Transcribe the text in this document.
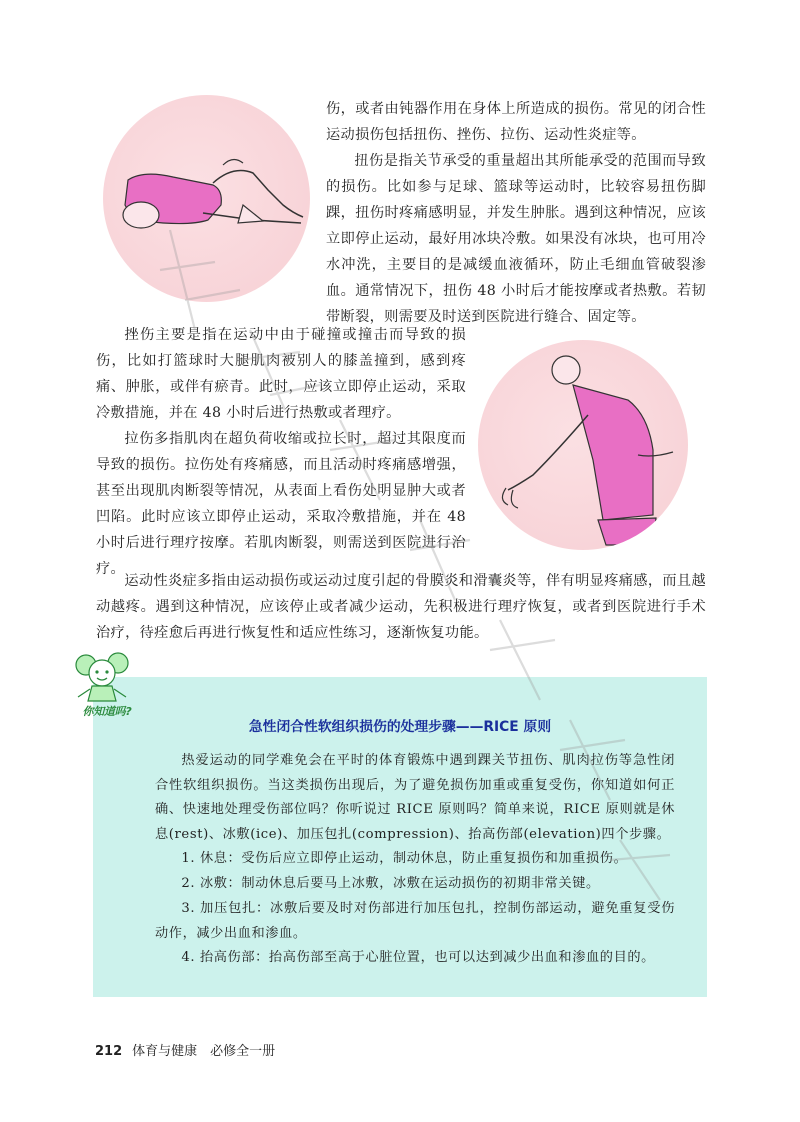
伤，或者由钝器作用在身体上所造成的损伤。常见的闭合性运动损伤包括扭伤、挫伤、拉伤、运动性炎症等。

扭伤是指关节承受的重量超出其所能承受的范围而导致的损伤。比如参与足球、篮球等运动时，比较容易扭伤脚踝，扭伤时疼痛感明显，并发生肿胀。遇到这种情况，应该立即停止运动，最好用冰块冷敷。如果没有冰块，也可用冷水冲洗，主要目的是减缓血液循环，防止毛细血管破裂渗血。通常情况下，扭伤 48 小时后才能按摩或者热敷。若韧带断裂，则需要及时送到医院进行缝合、固定等。

挫伤主要是指在运动中由于碰撞或撞击而导致的损伤，比如打篮球时大腿肌肉被别人的膝盖撞到，感到疼痛、肿胀，或伴有瘀青。此时，应该立即停止运动，采取冷敷措施，并在 48 小时后进行热敷或者理疗。

拉伤多指肌肉在超负荷收缩或拉长时，超过其限度而导致的损伤。拉伤处有疼痛感，而且活动时疼痛感增强，甚至出现肌肉断裂等情况，从表面上看伤处明显肿大或者凹陷。此时应该立即停止运动，采取冷敷措施，并在 48 小时后进行理疗按摩。若肌肉断裂，则需送到医院进行治疗。

运动性炎症多指由运动损伤或运动过度引起的骨膜炎和滑囊炎等，伴有明显疼痛感，而且越动越疼。遇到这种情况，应该停止或者减少运动，先积极进行理疗恢复，或者到医院进行手术治疗，待痊愈后再进行恢复性和适应性练习，逐渐恢复功能。

急性闭合性软组织损伤的处理步骤——RICE 原则

热爱运动的同学难免会在平时的体育锻炼中遇到踝关节扭伤、肌肉拉伤等急性闭合性软组织损伤。当这类损伤出现后，为了避免损伤加重或重复受伤，你知道如何正确、快速地处理受伤部位吗？你听说过 RICE 原则吗？简单来说，RICE 原则就是休息(rest)、冰敷(ice)、加压包扎(compression)、抬高伤部(elevation)四个步骤。

1. 休息：受伤后应立即停止运动，制动休息，防止重复损伤和加重损伤。

2. 冰敷：制动休息后要马上冰敷，冰敷在运动损伤的初期非常关键。

3. 加压包扎：冰敷后要及时对伤部进行加压包扎，控制伤部运动，避免重复受伤动作，减少出血和渗血。

4. 抬高伤部：抬高伤部至高于心脏位置，也可以达到减少出血和渗血的目的。

你知道吗?

212 体育与健康　必修全一册
